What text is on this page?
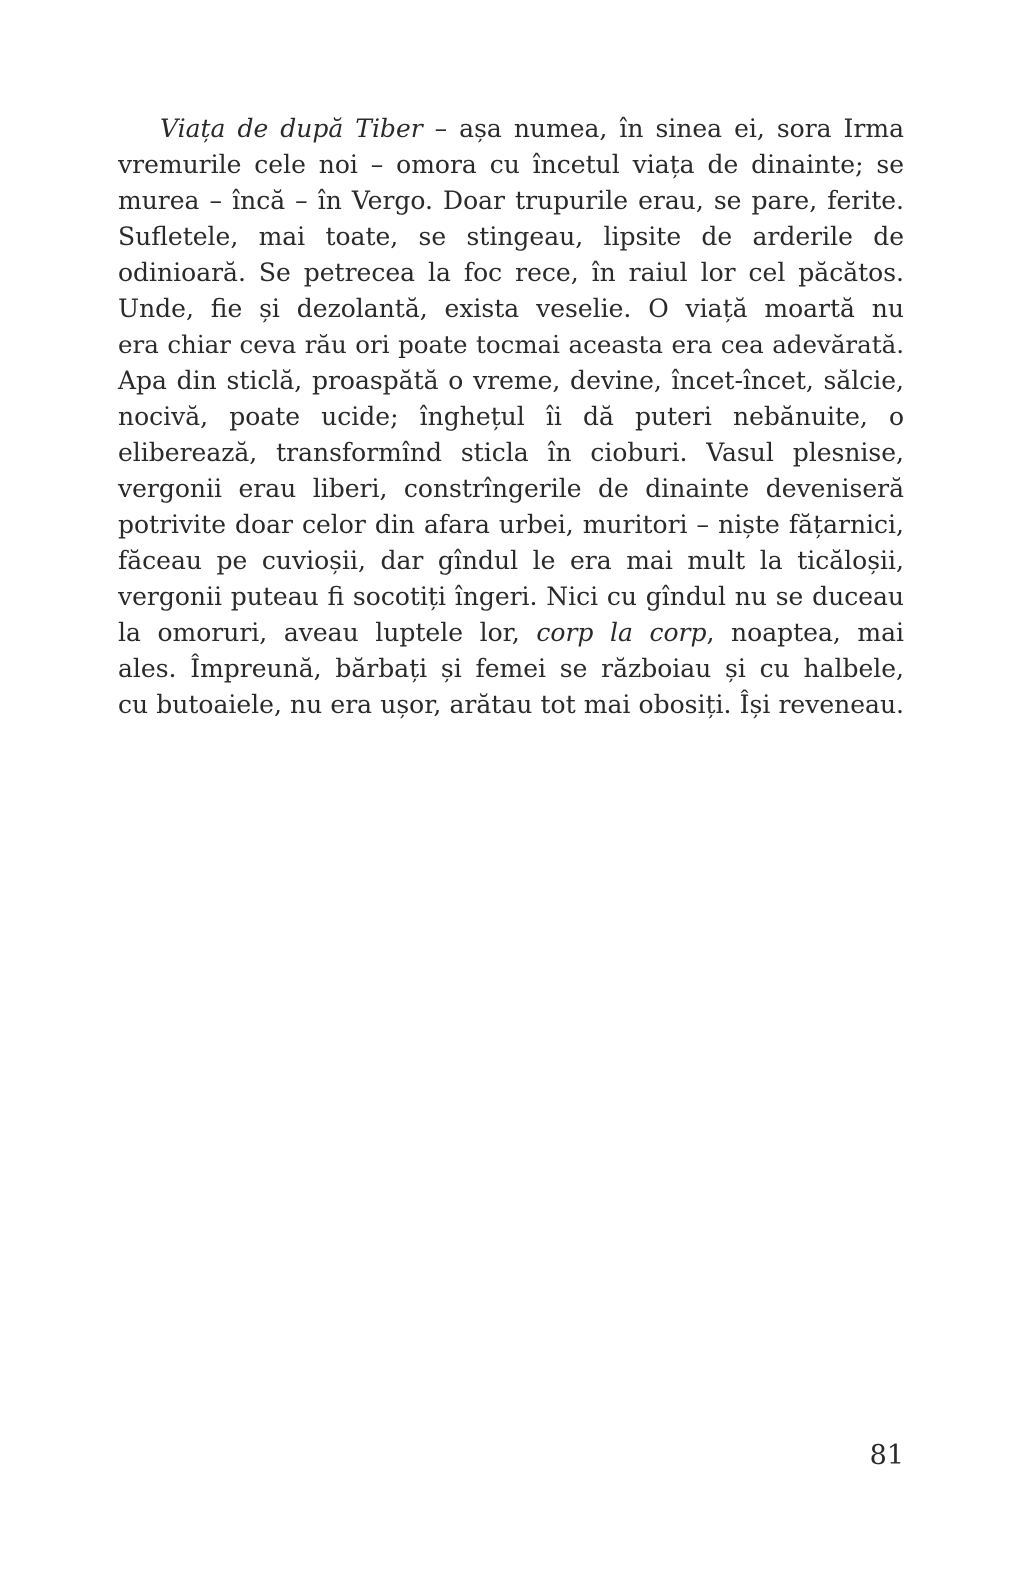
Viața de după Tiber – așa numea, în sinea ei, sora Irma
vremurile cele noi – omora cu încetul viața de dinainte; se
murea – încă – în Vergo. Doar trupurile erau, se pare, ferite.
Sufletele, mai toate, se stingeau, lipsite de arderile de
odinioară. Se petrecea la foc rece, în raiul lor cel păcătos.
Unde, fie și dezolantă, exista veselie. O viață moartă nu
era chiar ceva rău ori poate tocmai aceasta era cea adevărată.
Apa din sticlă, proaspătă o vreme, devine, încet-încet, sălcie,
nocivă, poate ucide; înghețul îi dă puteri nebănuite, o
eliberează, transformînd sticla în cioburi. Vasul plesnise,
vergonii erau liberi, constrîngerile de dinainte deveniseră
potrivite doar celor din afara urbei, muritori – niște fățarnici,
făceau pe cuvioșii, dar gîndul le era mai mult la ticăloșii,
vergonii puteau fi socotiți îngeri. Nici cu gîndul nu se duceau
la omoruri, aveau luptele lor, corp la corp, noaptea, mai
ales. Împreună, bărbați și femei se războiau și cu halbele,
cu butoaiele, nu era ușor, arătau tot mai obosiți. Își reveneau.
81
